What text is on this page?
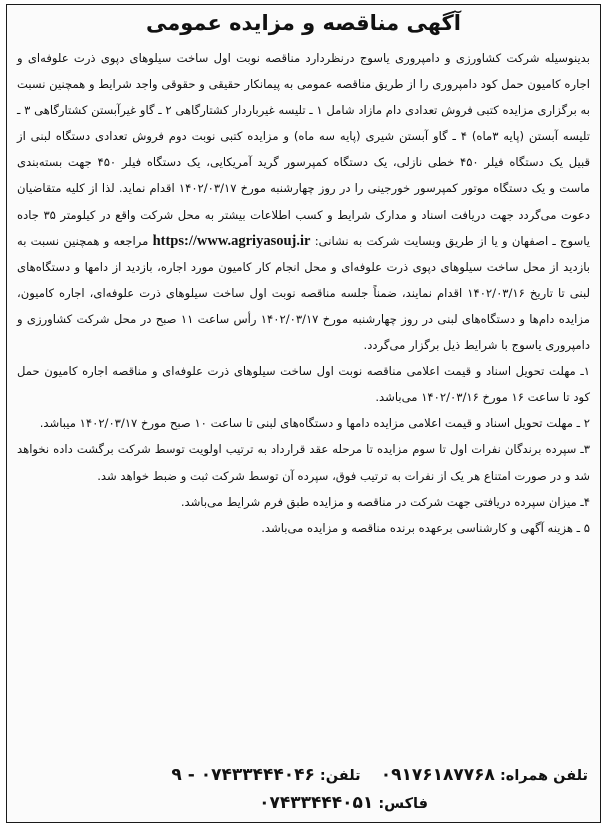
آگهی مناقصه و مزایده عمومی

بدینوسیله شرکت کشاورزی و دامپروری یاسوج درنظردارد مناقصه نوبت اول ساخت سیلوهای دپوی ذرت علوفه‌ای و اجاره کامیون حمل کود دامپروری را از طریق مناقصه عمومی به پیمانکار حقیقی و حقوقی واجد شرایط و همچنین نسبت به برگزاری مزایده کتبی فروش تعدادی دام مازاد شامل ۱ ـ تلیسه غیرباردار کشتارگاهی ۲ ـ گاو غیرآبستن کشتارگاهی ۳ ـ تلیسه آبستن (پایه ۳ماه) ۴ ـ گاو آبستن شیری (پایه سه ماه) و مزایده کتبی نوبت دوم فروش تعدادی دستگاه لبنی از قبیل یک دستگاه فیلر ۴۵۰ خطی نازلی، یک دستگاه کمپرسور گرید آمریکایی، یک دستگاه فیلر ۴۵۰ جهت بسته‌بندی ماست و یک دستگاه موتور کمپرسور خورجینی را در روز چهارشنبه مورخ ۱۴۰۲/۰۳/۱۷ اقدام نماید. لذا از کلیه متقاضیان دعوت می‌گردد جهت دریافت اسناد و مدارک شرایط و کسب اطلاعات بیشتر به محل شرکت واقع در کیلومتر ۳۵ جاده یاسوج ـ اصفهان و یا از طریق وبسایت شرکت به نشانی: https://www.agriyasouj.ir مراجعه و همچنین نسبت به بازدید از محل ساخت سیلوهای دپوی ذرت علوفه‌ای و محل انجام کار کامیون مورد اجاره، بازدید از دامها و دستگاه‌های لبنی تا تاریخ ۱۴۰۲/۰۳/۱۶ اقدام نمایند، ضمناً جلسه مناقصه نوبت اول ساخت سیلوهای ذرت علوفه‌ای، اجاره کامیون، مزایده دام‌ها و دستگاه‌های لبنی در روز چهارشنبه مورخ ۱۴۰۲/۰۳/۱۷ رأس ساعت ۱۱ صبح در محل شرکت کشاورزی و دامپروری یاسوج با شرایط ذیل برگزار می‌گردد.

۱ـ مهلت تحویل اسناد و قیمت اعلامی مناقصه نوبت اول ساخت سیلوهای ذرت علوفه‌ای و مناقصه اجاره کامیون حمل کود تا ساعت ۱۶ مورخ ۱۴۰۲/۰۳/۱۶ می‌باشد.

۲ ـ مهلت تحویل اسناد و قیمت اعلامی مزایده دامها و دستگاه‌های لبنی تا ساعت ۱۰ صبح مورخ ۱۴۰۲/۰۳/۱۷ میباشد.

۳ـ سپرده برندگان نفرات اول تا سوم مزایده تا مرحله عقد قرارداد به ترتیب اولویت توسط شرکت برگشت داده نخواهد شد و در صورت امتناع هر یک از نفرات به ترتیب فوق، سپرده آن توسط شرکت ثبت و ضبط خواهد شد.

۴ـ میزان سپرده دریافتی جهت شرکت در مناقصه و مزایده طبق فرم شرایط می‌باشد.

۵ ـ هزینه آگهی و کارشناسی برعهده برنده مناقصه و مزایده می‌باشد.

تلفن همراه: ۰۹۱۷۶۱۸۷۷۶۸    تلفن: ۰۷۴۳۳۴۴۴۰۴۶ - ۹
فاکس: ۰۷۴۳۳۴۴۴۰۵۱
